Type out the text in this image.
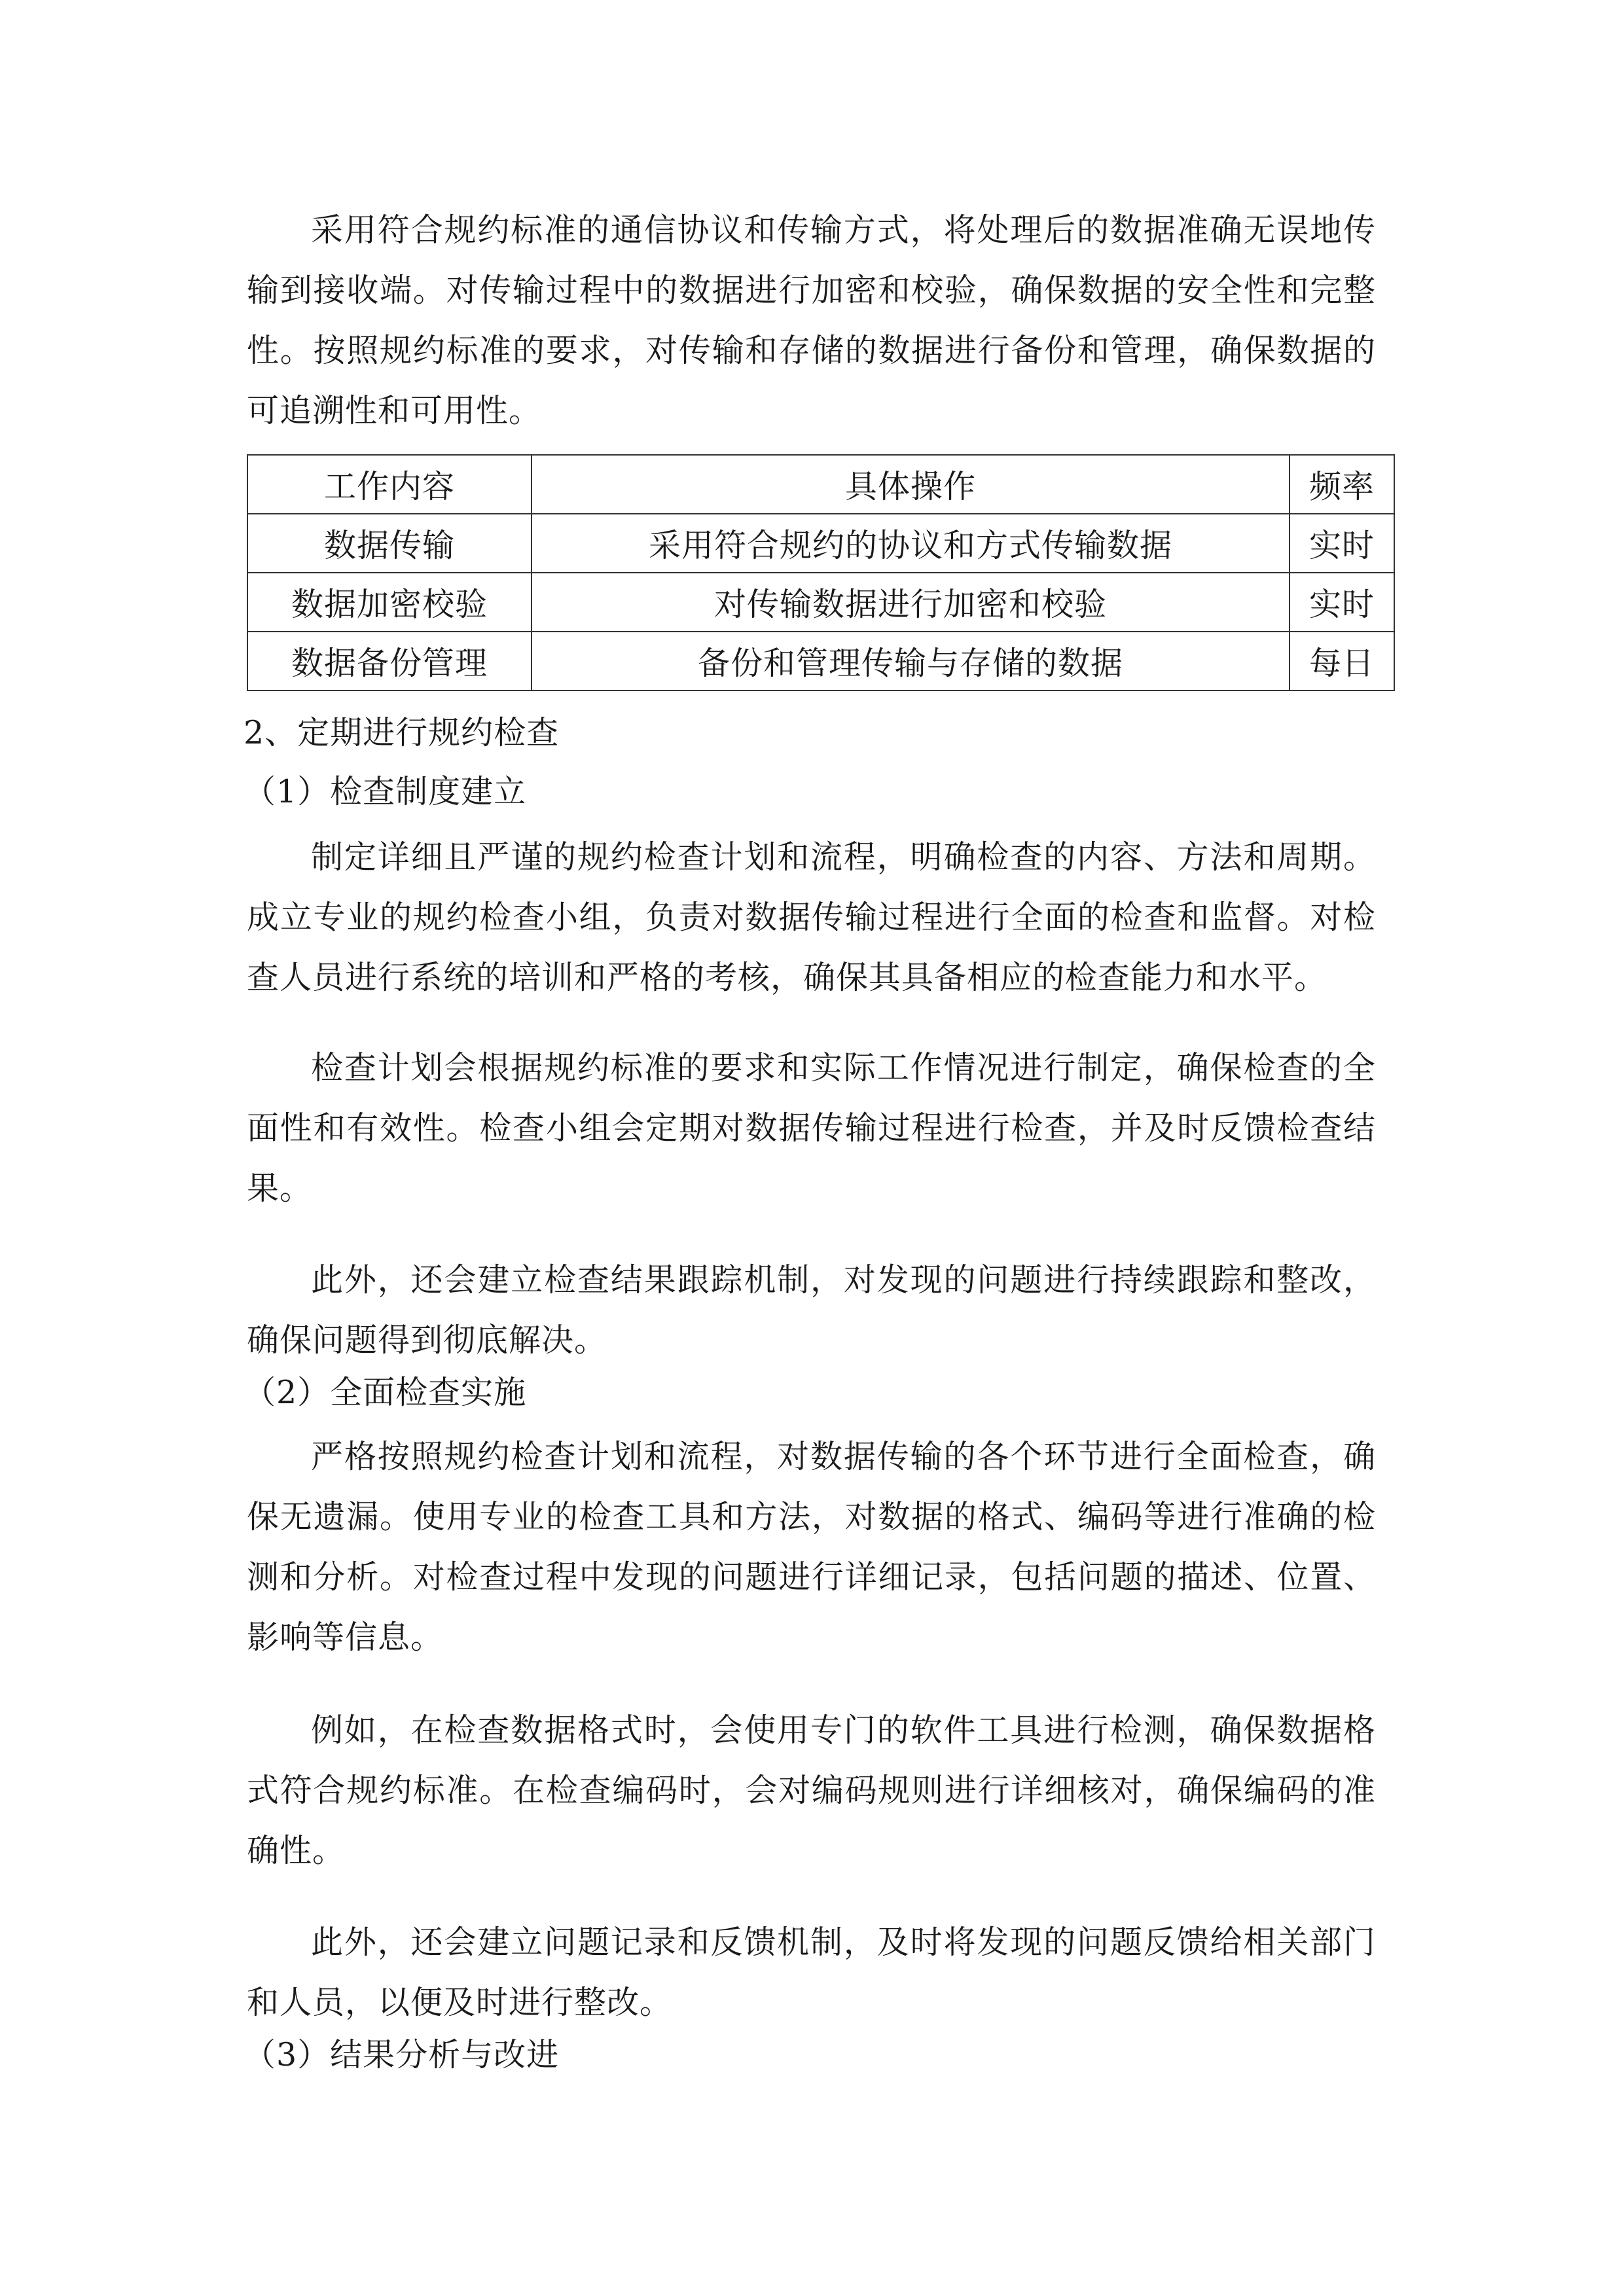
采用符合规约标准的通信协议和传输方式，将处理后的数据准确无误地传输到接收端。对传输过程中的数据进行加密和校验，确保数据的安全性和完整性。按照规约标准的要求，对传输和存储的数据进行备份和管理，确保数据的可追溯性和可用性。

工作内容	具体操作	频率
数据传输	采用符合规约的协议和方式传输数据	实时
数据加密校验	对传输数据进行加密和校验	实时
数据备份管理	备份和管理传输与存储的数据	每日
2、定期进行规约检查
（1）检查制度建立

制定详细且严谨的规约检查计划和流程，明确检查的内容、方法和周期。成立专业的规约检查小组，负责对数据传输过程进行全面的检查和监督。对检查人员进行系统的培训和严格的考核，确保其具备相应的检查能力和水平。

检查计划会根据规约标准的要求和实际工作情况进行制定，确保检查的全面性和有效性。检查小组会定期对数据传输过程进行检查，并及时反馈检查结果。

此外，还会建立检查结果跟踪机制，对发现的问题进行持续跟踪和整改，确保问题得到彻底解决。

（2）全面检查实施

严格按照规约检查计划和流程，对数据传输的各个环节进行全面检查，确保无遗漏。使用专业的检查工具和方法，对数据的格式、编码等进行准确的检测和分析。对检查过程中发现的问题进行详细记录，包括问题的描述、位置、影响等信息。

例如，在检查数据格式时，会使用专门的软件工具进行检测，确保数据格式符合规约标准。在检查编码时，会对编码规则进行详细核对，确保编码的准确性。

此外，还会建立问题记录和反馈机制，及时将发现的问题反馈给相关部门和人员，以便及时进行整改。

（3）结果分析与改进
